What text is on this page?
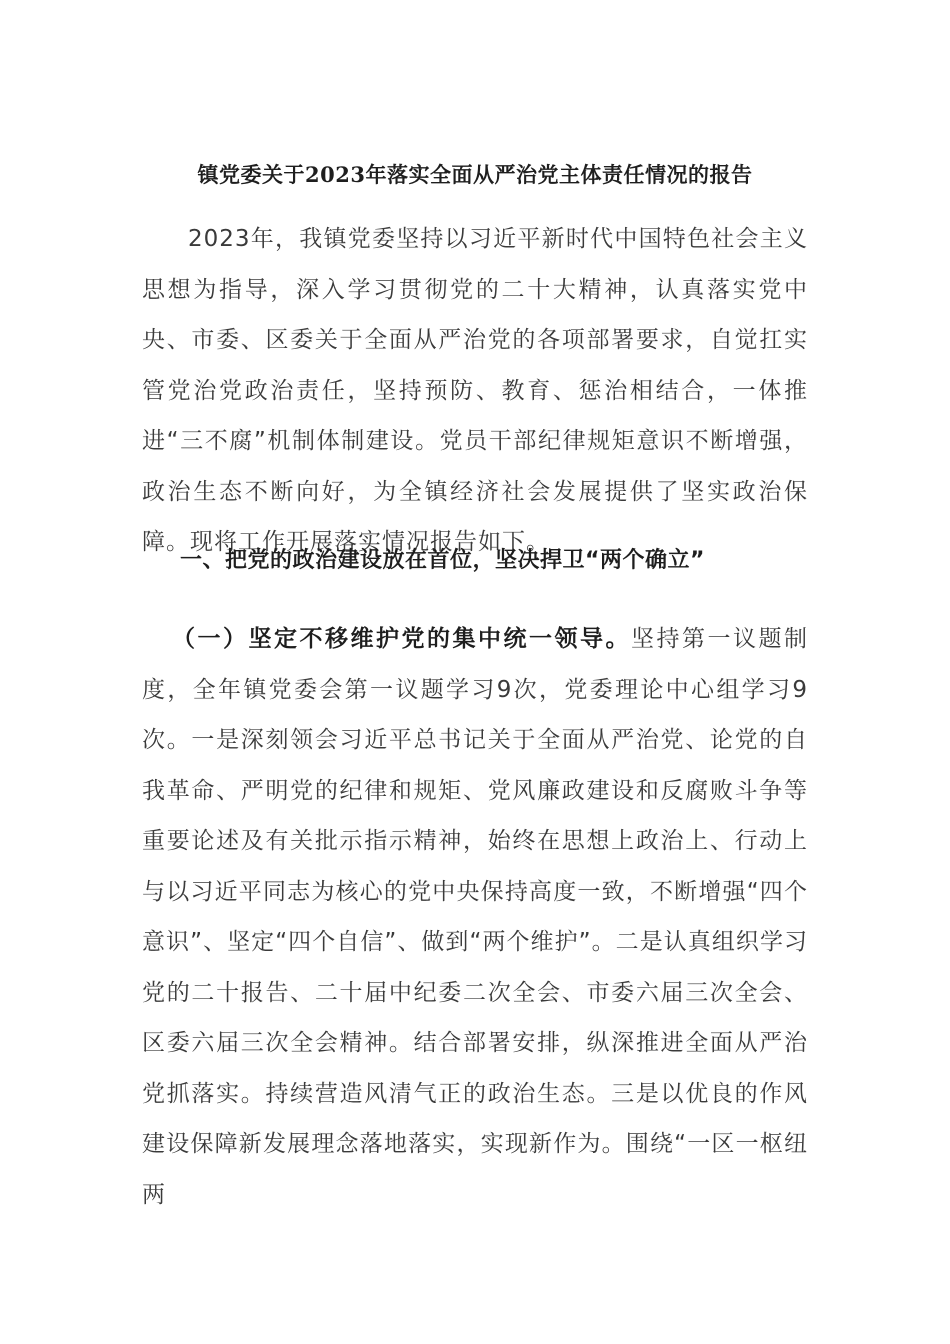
镇党委关于2023年落实全面从严治党主体责任情况的报告

2023年，我镇党委坚持以习近平新时代中国特色社会主义思想为指导，深入学习贯彻党的二十大精神，认真落实党中央、市委、区委关于全面从严治党的各项部署要求，自觉扛实管党治党政治责任，坚持预防、教育、惩治相结合，一体推进“三不腐”机制体制建设。党员干部纪律规矩意识不断增强，政治生态不断向好，为全镇经济社会发展提供了坚实政治保障。现将工作开展落实情况报告如下。

一、把党的政治建设放在首位，坚决捍卫“两个确立”

（一）坚定不移维护党的集中统一领导。坚持第一议题制度，全年镇党委会第一议题学习9次，党委理论中心组学习9次。一是深刻领会习近平总书记关于全面从严治党、论党的自我革命、严明党的纪律和规矩、党风廉政建设和反腐败斗争等重要论述及有关批示指示精神，始终在思想上政治上、行动上与以习近平同志为核心的党中央保持高度一致，不断增强“四个意识”、坚定“四个自信”、做到“两个维护”。二是认真组织学习党的二十报告、二十届中纪委二次全会、市委六届三次全会、区委六届三次全会精神。结合部署安排，纵深推进全面从严治党抓落实。持续营造风清气正的政治生态。三是以优良的作风建设保障新发展理念落地落实，实现新作为。围绕“一区一枢纽两
